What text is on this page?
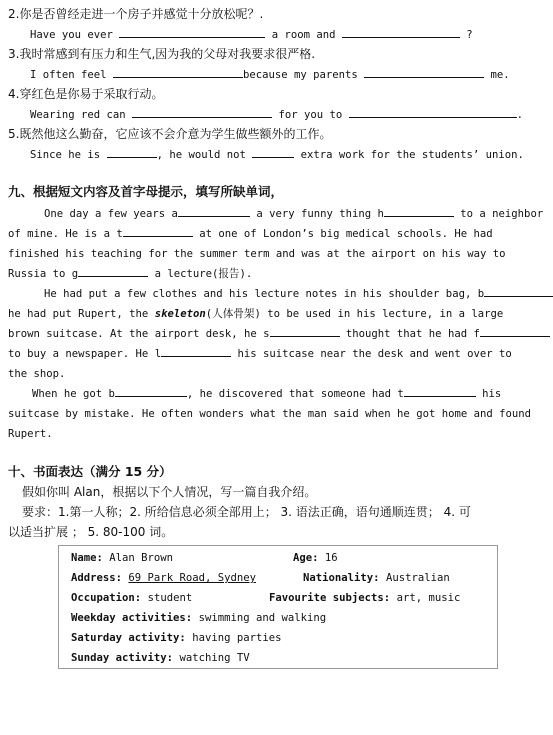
2.你是否曾经走进一个房子并感觉十分放松呢？.
Have you ever	a room and	?
3.我时常感到有压力和生气,因为我的父母对我要求很严格.
I often feel	because my parents	me.
4.穿红色是你易于采取行动。
Wearing red can	for you to	.
5.既然他这么勤奋，它应该不会介意为学生做些额外的工作。
Since he is	, he would not	extra work for the students’ union.
九、根据短文内容及首字母提示，填写所缺单词，
One day a few years a	a very funny thing h	to a neighbor
of mine. He is a t	at one of London’s big medical schools. He had
finished his teaching for the summer term and was at the airport on his way to
Russia to g	a lecture(报告).
He had put a few clothes and his lecture notes in his shoulder bag, b
he had put Rupert, the skeleton(人体骨架) to be used in his lecture, in a large
brown suitcase. At the airport desk, he s	thought that he had f
to buy a newspaper. He l	his suitcase near the desk and went over to
the shop.
When he got b	, he discovered that someone had t	his
suitcase by mistake. He often wonders what the man said when he got home and found
Rupert.
十、书面表达（满分 15 分）
假如你叫 Alan，根据以下个人情况，写一篇自我介绍。
要求：1.第一人称；2. 所给信息必须全部用上； 3. 语法正确，语句通顺连贯； 4. 可
以适当扩展 ； 5. 80-100 词。
Name: Alan Brown	Age: 16
Address: 69 Park Road, Sydney	Nationality: Australian
Occupation: student	Favourite subjects: art, music
Weekday activities: swimming and walking
Saturday activity: having parties
Sunday activity: watching TV
